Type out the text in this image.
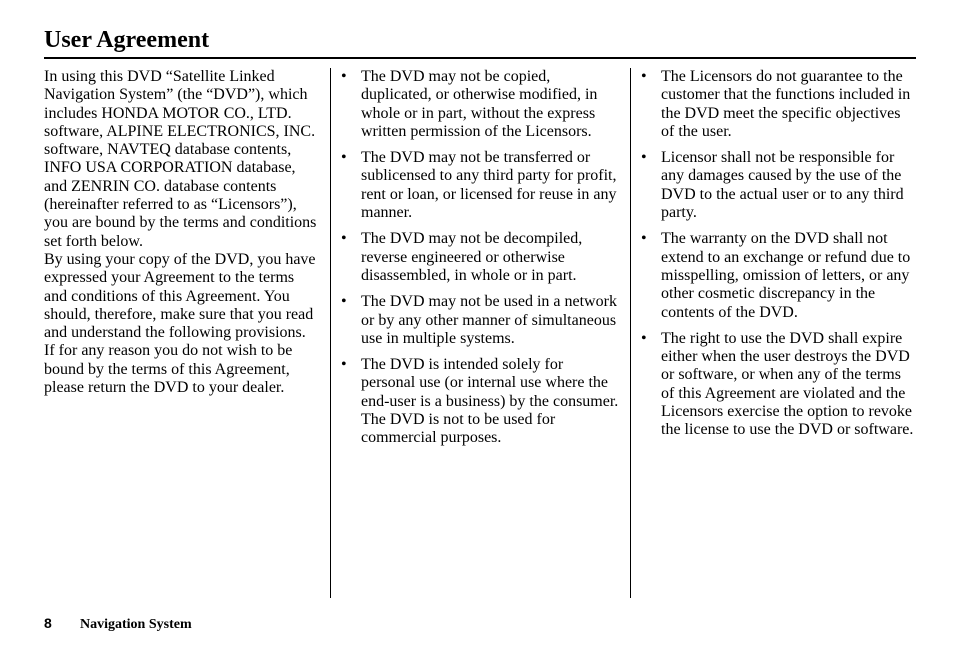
User Agreement

In using this DVD “Satellite Linked Navigation System” (the “DVD”), which includes HONDA MOTOR CO., LTD. software, ALPINE ELECTRONICS, INC. software, NAVTEQ database contents, INFO USA CORPORATION database, and ZENRIN CO. database contents (hereinafter referred to as “Licensors”), you are bound by the terms and conditions set forth below.

By using your copy of the DVD, you have expressed your Agreement to the terms and conditions of this Agreement. You should, therefore, make sure that you read and understand the following provisions. If for any reason you do not wish to be bound by the terms of this Agreement, please return the DVD to your dealer.

• The DVD may not be copied, duplicated, or otherwise modified, in whole or in part, without the express written permission of the Licensors.
• The DVD may not be transferred or sublicensed to any third party for profit, rent or loan, or licensed for reuse in any manner.
• The DVD may not be decompiled, reverse engineered or otherwise disassembled, in whole or in part.
• The DVD may not be used in a network or by any other manner of simultaneous use in multiple systems.
• The DVD is intended solely for personal use (or internal use where the end-user is a business) by the consumer. The DVD is not to be used for commercial purposes.
• The Licensors do not guarantee to the customer that the functions included in the DVD meet the specific objectives of the user.
• Licensor shall not be responsible for any damages caused by the use of the DVD to the actual user or to any third party.
• The warranty on the DVD shall not extend to an exchange or refund due to misspelling, omission of letters, or any other cosmetic discrepancy in the contents of the DVD.
• The right to use the DVD shall expire either when the user destroys the DVD or software, or when any of the terms of this Agreement are violated and the Licensors exercise the option to revoke the license to use the DVD or software.
8 Navigation System
